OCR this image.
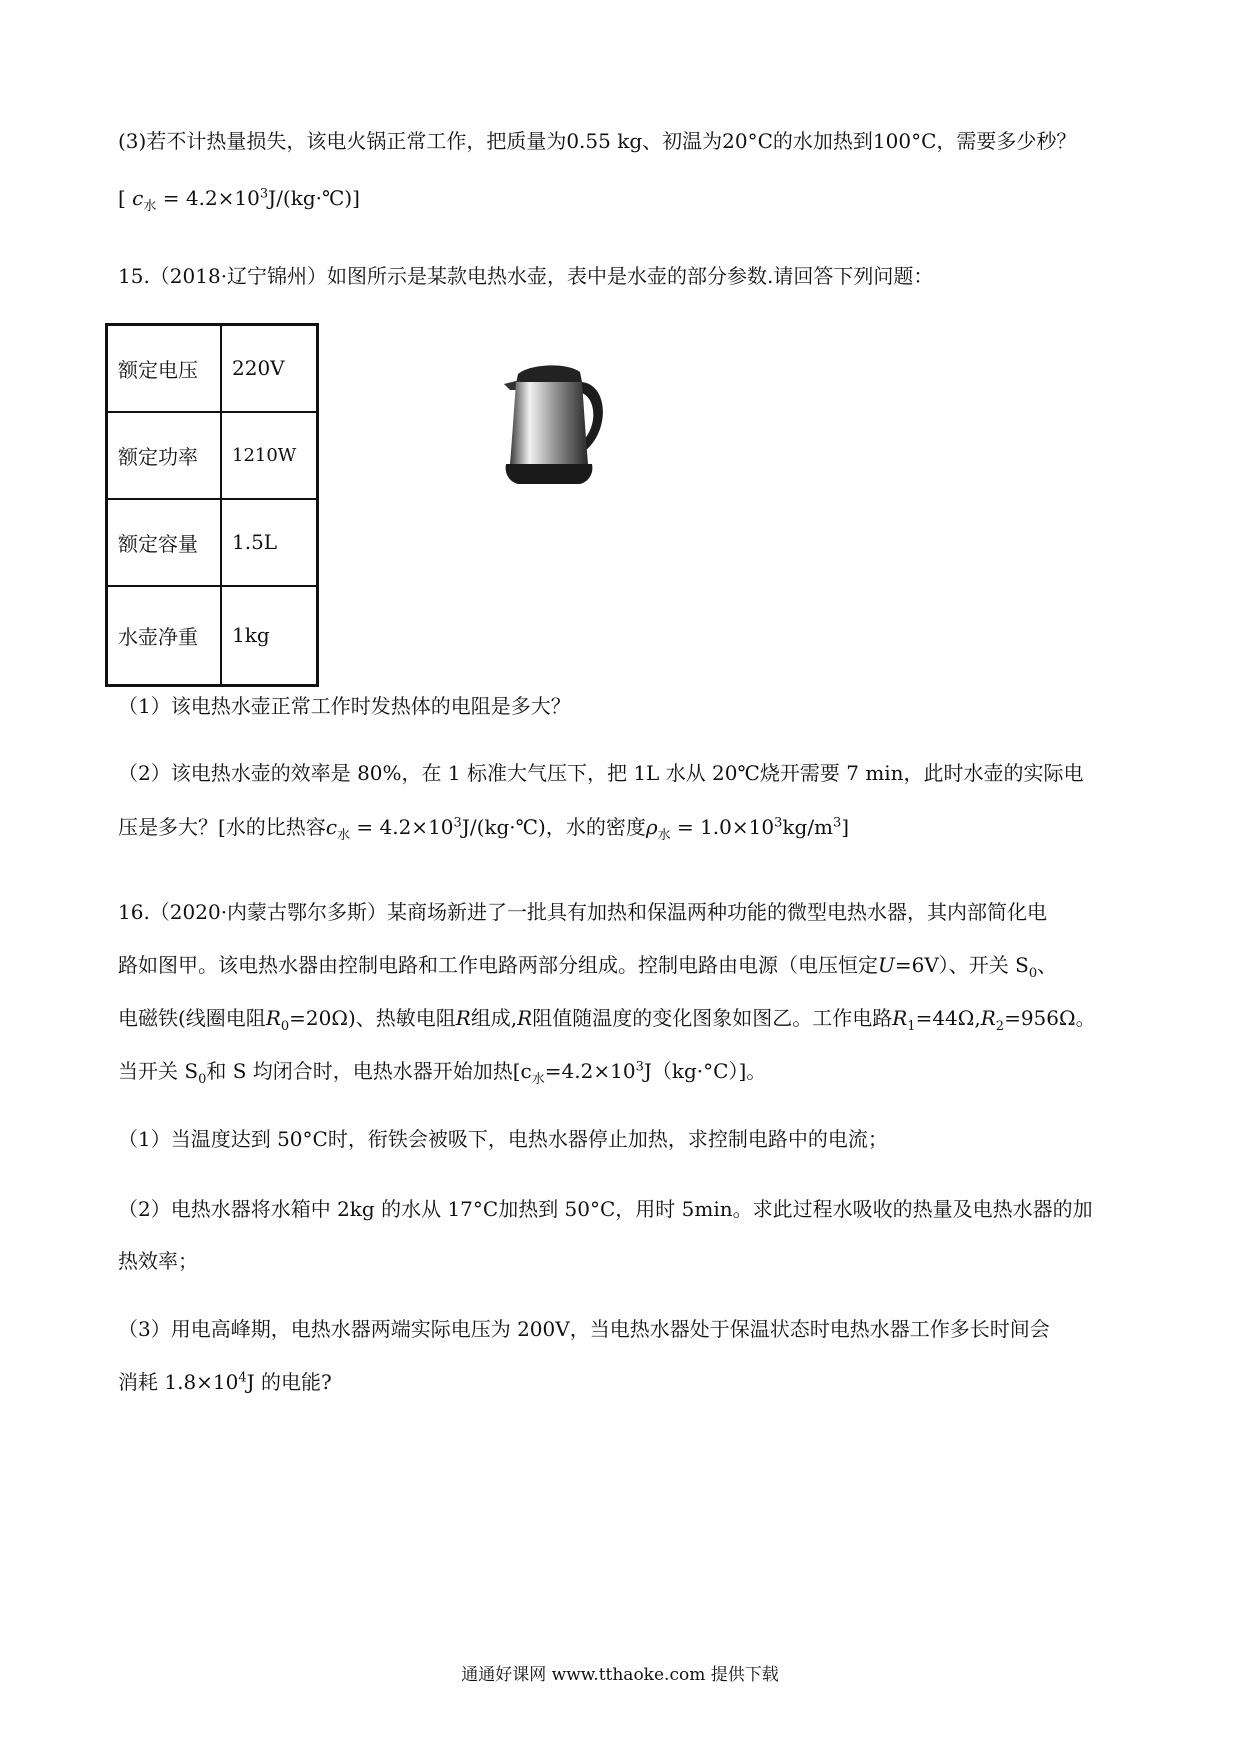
(3)若不计热量损失，该电火锅正常工作，把质量为0.55 kg、初温为20°C的水加热到100°C，需要多少秒？
[ $c_水$ = $4.2\times 10^3J/(kg\cdot℃)$]
15.（2018·辽宁锦州）如图所示是某款电热水壶，表中是水壶的部分参数.请回答下列问题：
额定电压	220V
额定功率	1210W
额定容量	1.5L
水壶净重	1kg
（1）该电热水壶正常工作时发热体的电阻是多大？
（2）该电热水壶的效率是 80%，在 1 标准大气压下，把 1L 水从 20℃烧开需要 7 min，此时水壶的实际电
压是多大？[水的比热容$c_水$ = $4.2\times 10^3J/(kg\cdot℃)$，水的密度$\rho_水 = 1.0\times 10^3kg/m^3$]
16.（2020·内蒙古鄂尔多斯）某商场新进了一批具有加热和保温两种功能的微型电热水器，其内部简化电
路如图甲。该电热水器由控制电路和工作电路两部分组成。控制电路由电源（电压恒定U=6V）、开关 $S_0$、
电磁铁(线圈电阻$R_0=20\Omega$)、热敏电阻R组成,R阻值随温度的变化图象如图乙。工作电路$R_1=44\Omega,R_2=956\Omega$。
当开关 $S_0$和 S 均闭合时，电热水器开始加热$[c_水=4.2\times 10^3J(kg\cdot^\circ C)]$。
（1）当温度达到 50°C时，衔铁会被吸下，电热水器停止加热，求控制电路中的电流；
（2）电热水器将水箱中 2kg 的水从 17°C加热到 50°C，用时 5min。求此过程水吸收的热量及电热水器的加
热效率；
（3）用电高峰期，电热水器两端实际电压为 200V，当电热水器处于保温状态时电热水器工作多长时间会
消耗 $1.8\times 10^4J$ 的电能?
通通好课网 www.tthaoke.com 提供下载
